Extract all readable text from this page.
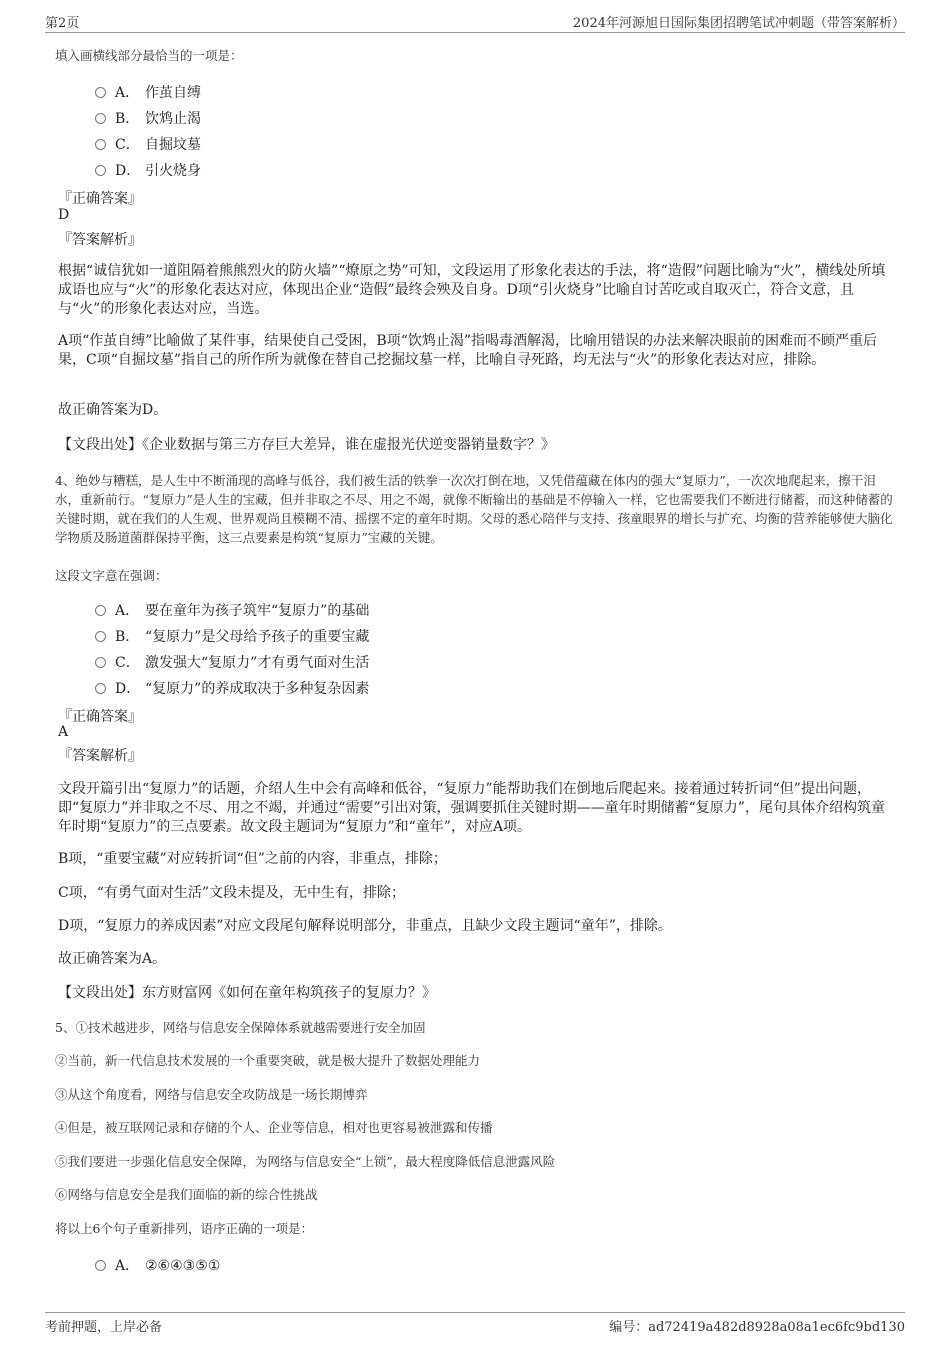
第2页	2024年河源旭日国际集团招聘笔试冲刺题（带答案解析）
填入画横线部分最恰当的一项是：
A． 作茧自缚
B． 饮鸩止渴
C． 自掘坟墓
D． 引火烧身
『正确答案』
D
『答案解析』
根据“诚信犹如一道阻隔着熊熊烈火的防火墙”“燎原之势”可知，文段运用了形象化表达的手法，将“造假”问题比喻为“火”，横线处所填成语也应与“火”的形象化表达对应，体现出企业“造假”最终会殃及自身。D项“引火烧身”比喻自讨苦吃或自取灭亡，符合文意，且与“火”的形象化表达对应，当选。
A项“作茧自缚”比喻做了某件事，结果使自己受困，B项“饮鸩止渴”指喝毒酒解渴，比喻用错误的办法来解决眼前的困难而不顾严重后果，C项“自掘坟墓”指自己的所作所为就像在替自己挖掘坟墓一样，比喻自寻死路，均无法与“火”的形象化表达对应，排除。
故正确答案为D。
【文段出处】《企业数据与第三方存巨大差异，谁在虚报光伏逆变器销量数字？》
4、绝妙与糟糕，是人生中不断涌现的高峰与低谷，我们被生活的铁拳一次次打倒在地，又凭借蕴藏在体内的强大“复原力”，一次次地爬起来，擦干泪水，重新前行。“复原力”是人生的宝藏，但并非取之不尽、用之不竭，就像不断输出的基础是不停输入一样，它也需要我们不断进行储蓄，而这种储蓄的关键时期，就在我们的人生观、世界观尚且模糊不清、摇摆不定的童年时期。父母的悉心陪伴与支持、孩童眼界的增长与扩充、均衡的营养能够使大脑化学物质及肠道菌群保持平衡，这三点要素是构筑“复原力”宝藏的关键。
这段文字意在强调：
A． 要在童年为孩子筑牢“复原力”的基础
B． “复原力”是父母给予孩子的重要宝藏
C． 激发强大“复原力”才有勇气面对生活
D． “复原力”的养成取决于多种复杂因素
『正确答案』
A
『答案解析』
文段开篇引出“复原力”的话题，介绍人生中会有高峰和低谷，“复原力”能帮助我们在倒地后爬起来。接着通过转折词“但”提出问题，即“复原力”并非取之不尽、用之不竭，并通过“需要”引出对策，强调要抓住关键时期——童年时期储蓄“复原力”，尾句具体介绍构筑童年时期“复原力”的三点要素。故文段主题词为“复原力”和“童年”，对应A项。
B项，“重要宝藏”对应转折词“但”之前的内容，非重点，排除；
C项，“有勇气面对生活”文段未提及，无中生有，排除；
D项，“复原力的养成因素”对应文段尾句解释说明部分，非重点，且缺少文段主题词“童年”，排除。
故正确答案为A。
【文段出处】东方财富网《如何在童年构筑孩子的复原力？》
5、①技术越进步，网络与信息安全保障体系就越需要进行安全加固
②当前，新一代信息技术发展的一个重要突破，就是极大提升了数据处理能力
③从这个角度看，网络与信息安全攻防战是一场长期博弈
④但是，被互联网记录和存储的个人、企业等信息，相对也更容易被泄露和传播
⑤我们要进一步强化信息安全保障，为网络与信息安全“上锁”，最大程度降低信息泄露风险
⑥网络与信息安全是我们面临的新的综合性挑战
将以上6个句子重新排列，语序正确的一项是：
A． ②⑥④③⑤①
考前押题，上岸必备	编号：ad72419a482d8928a08a1ec6fc9bd130
